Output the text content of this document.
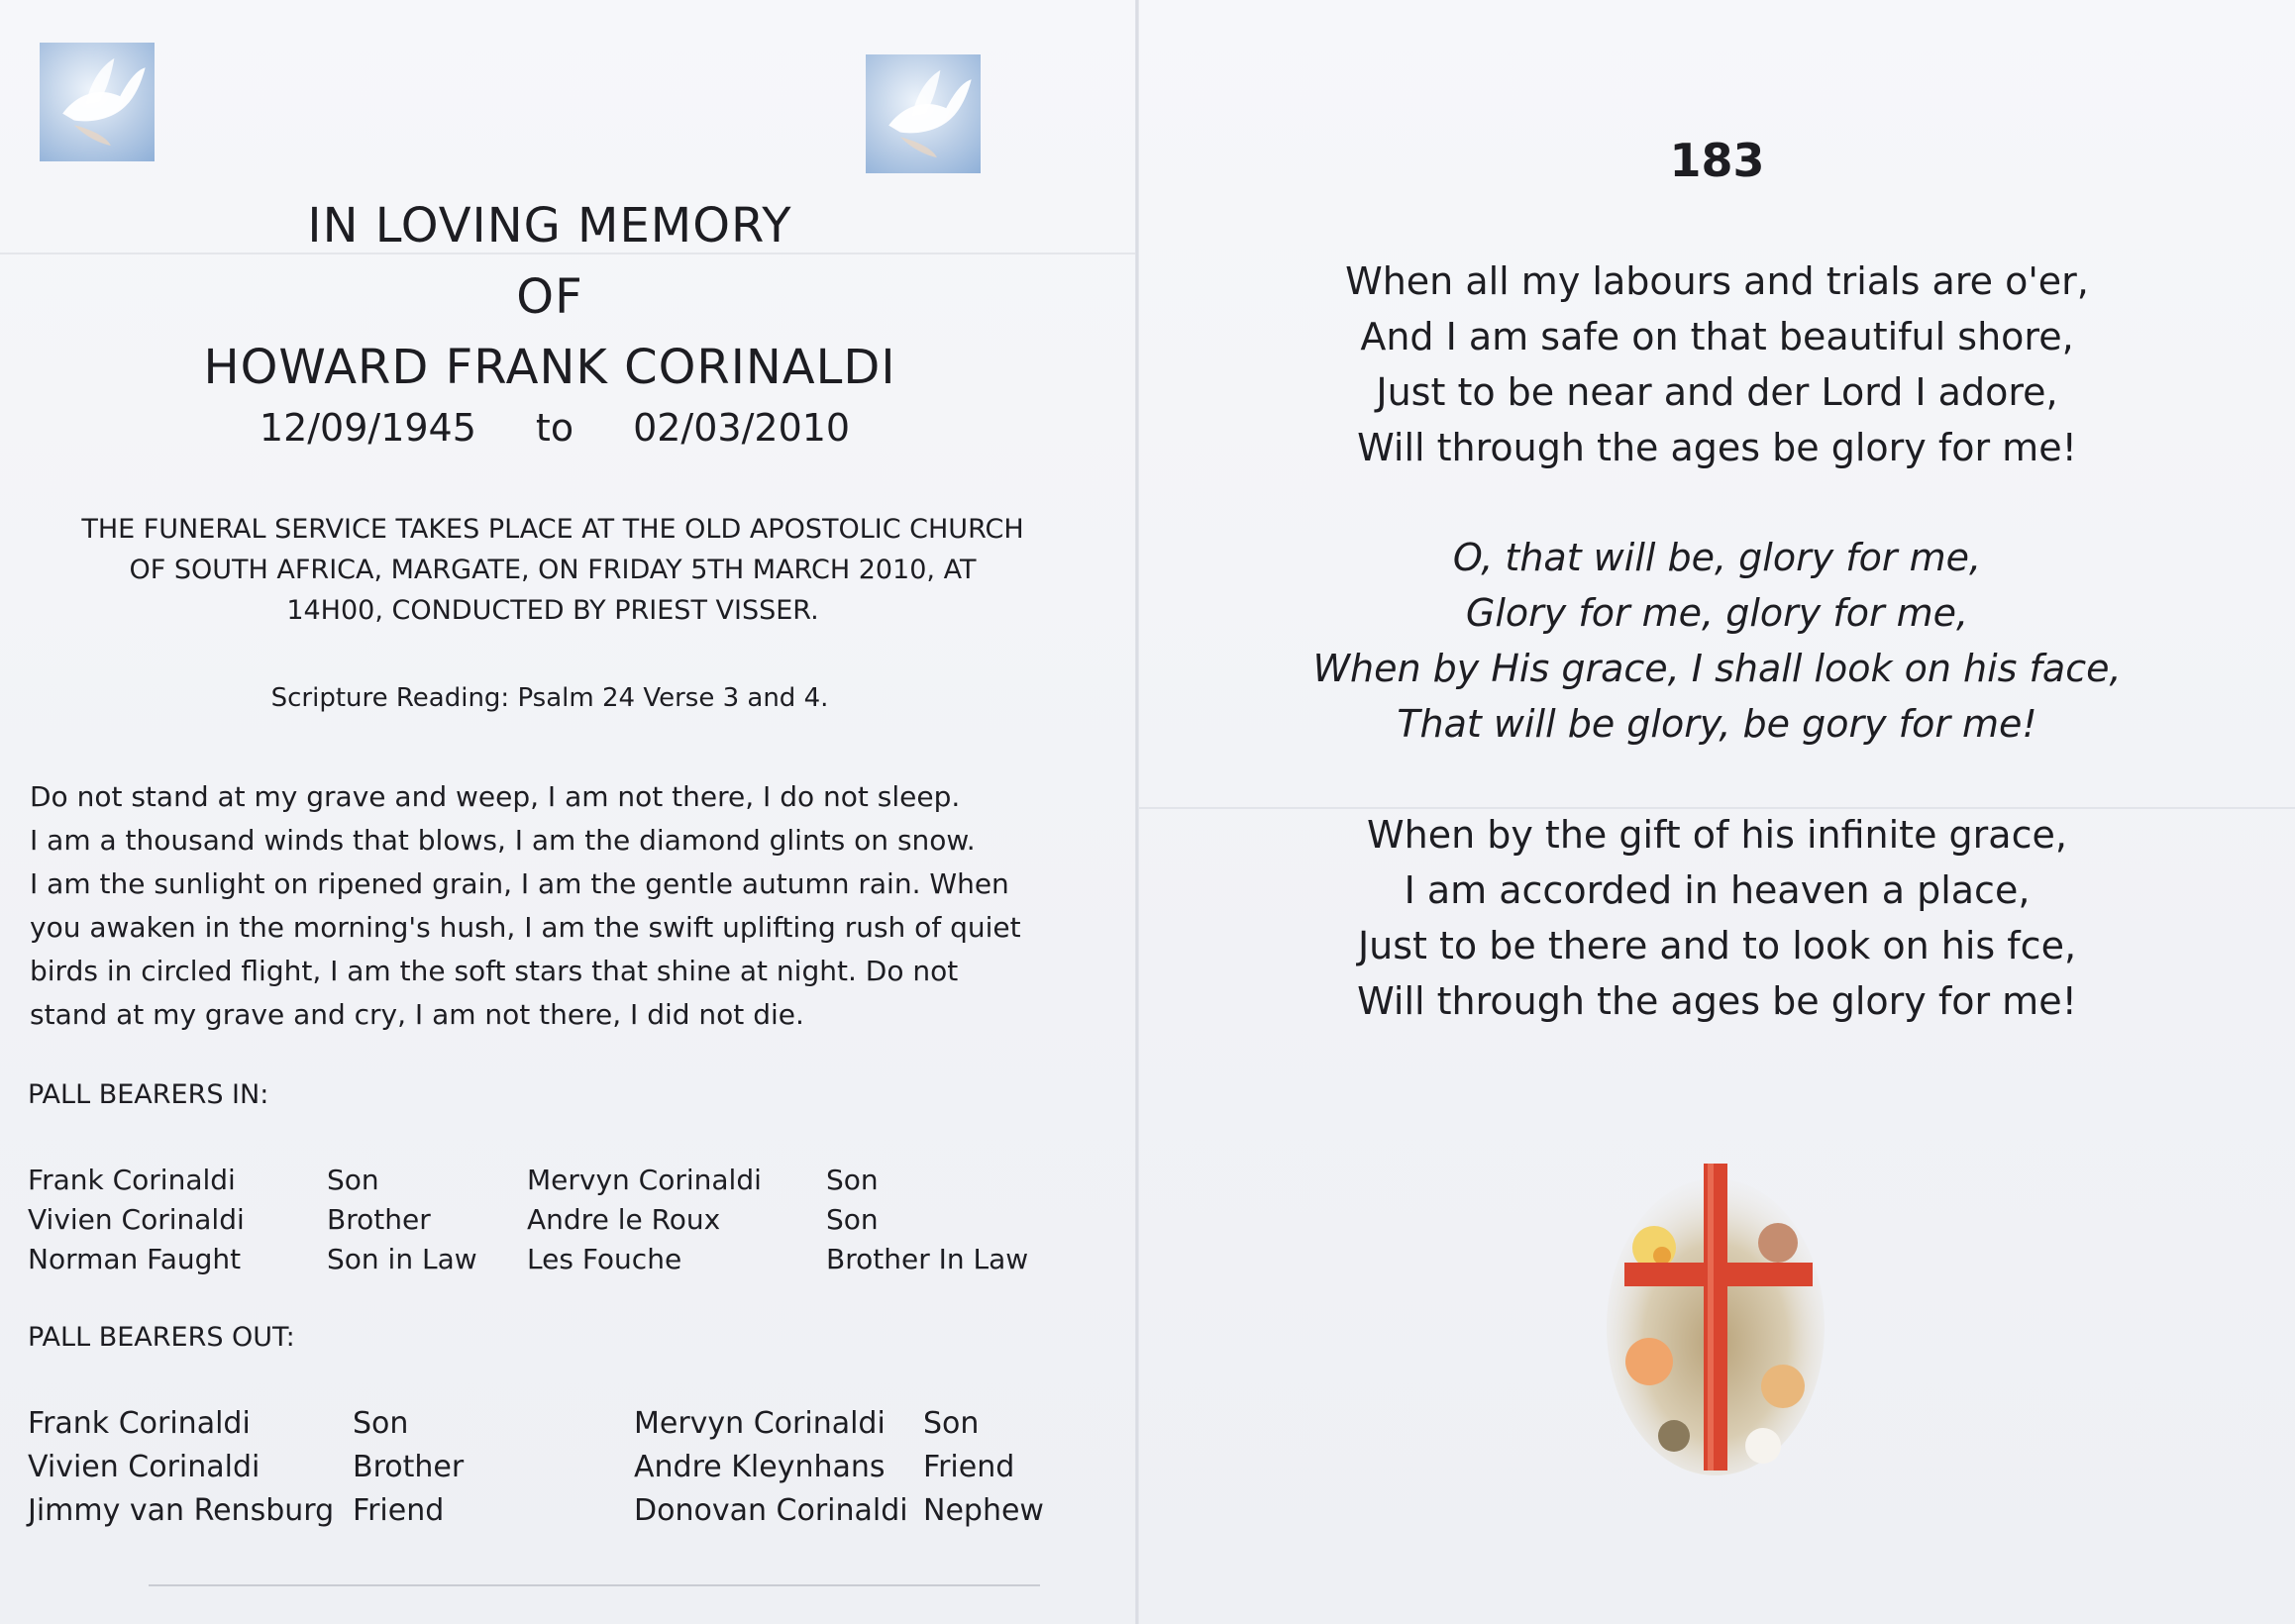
IN LOVING MEMORY
OF
HOWARD FRANK CORINALDI
12/09/1945 to 02/03/2010
THE FUNERAL SERVICE TAKES PLACE AT THE OLD APOSTOLIC CHURCH
OF SOUTH AFRICA, MARGATE, ON FRIDAY 5TH MARCH 2010, AT
14H00, CONDUCTED BY PRIEST VISSER.
Scripture Reading: Psalm 24 Verse 3 and 4.
Do not stand at my grave and weep, I am not there, I do not sleep.
I am a thousand winds that blows, I am the diamond glints on snow.
I am the sunlight on ripened grain, I am the gentle autumn rain. When
you awaken in the morning's hush, I am the swift uplifting rush of quiet
birds in circled flight, I am the soft stars that shine at night. Do not
stand at my grave and cry, I am not there, I did not die.
PALL BEARERS IN:
Frank Corinaldi	Son	Mervyn Corinaldi Son
Vivien Corinaldi	Brother	Andre le Roux	Son
Norman Faught	Son in Law Les Fouche	Brother In Law
PALL BEARERS OUT:
Frank Corinaldi	Son	Mervyn Corinaldi Son
Vivien Corinaldi	Brother	Andre Kleynhans Friend
Jimmy van Rensburg Friend	Donovan Corinaldi Nephew
183
When all my labours and trials are o'er,
And I am safe on that beautiful shore,
Just to be near and der Lord I adore,
Will through the ages be glory for me!
O, that will be, glory for me,
Glory for me, glory for me,
When by His grace, I shall look on his face,
That will be glory, be gory for me!
When by the gift of his infinite grace,
I am accorded in heaven a place,
Just to be there and to look on his fce,
Will through the ages be glory for me!
